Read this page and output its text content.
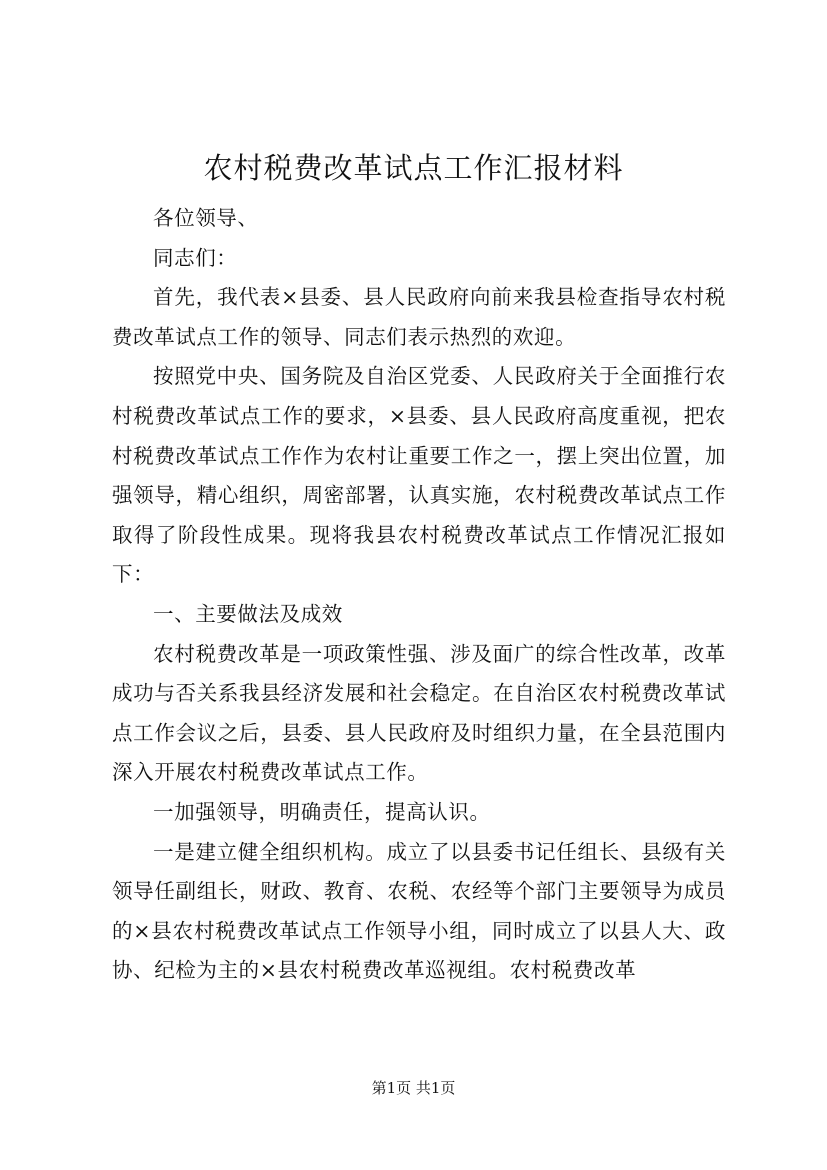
农村税费改革试点工作汇报材料

各位领导、

同志们：

首先，我代表×县委、县人民政府向前来我县检查指导农村税费改革试点工作的领导、同志们表示热烈的欢迎。

按照党中央、国务院及自治区党委、人民政府关于全面推行农村税费改革试点工作的要求，×县委、县人民政府高度重视，把农村税费改革试点工作作为农村让重要工作之一，摆上突出位置，加强领导，精心组织，周密部署，认真实施，农村税费改革试点工作取得了阶段性成果。现将我县农村税费改革试点工作情况汇报如下：

一、主要做法及成效

农村税费改革是一项政策性强、涉及面广的综合性改革，改革成功与否关系我县经济发展和社会稳定。在自治区农村税费改革试点工作会议之后，县委、县人民政府及时组织力量，在全县范围内深入开展农村税费改革试点工作。

一加强领导，明确责任，提高认识。

一是建立健全组织机构。成立了以县委书记任组长、县级有关领导任副组长，财政、教育、农税、农经等个部门主要领导为成员的×县农村税费改革试点工作领导小组，同时成立了以县人大、政协、纪检为主的×县农村税费改革巡视组。农村税费改革

第1页 共1页
